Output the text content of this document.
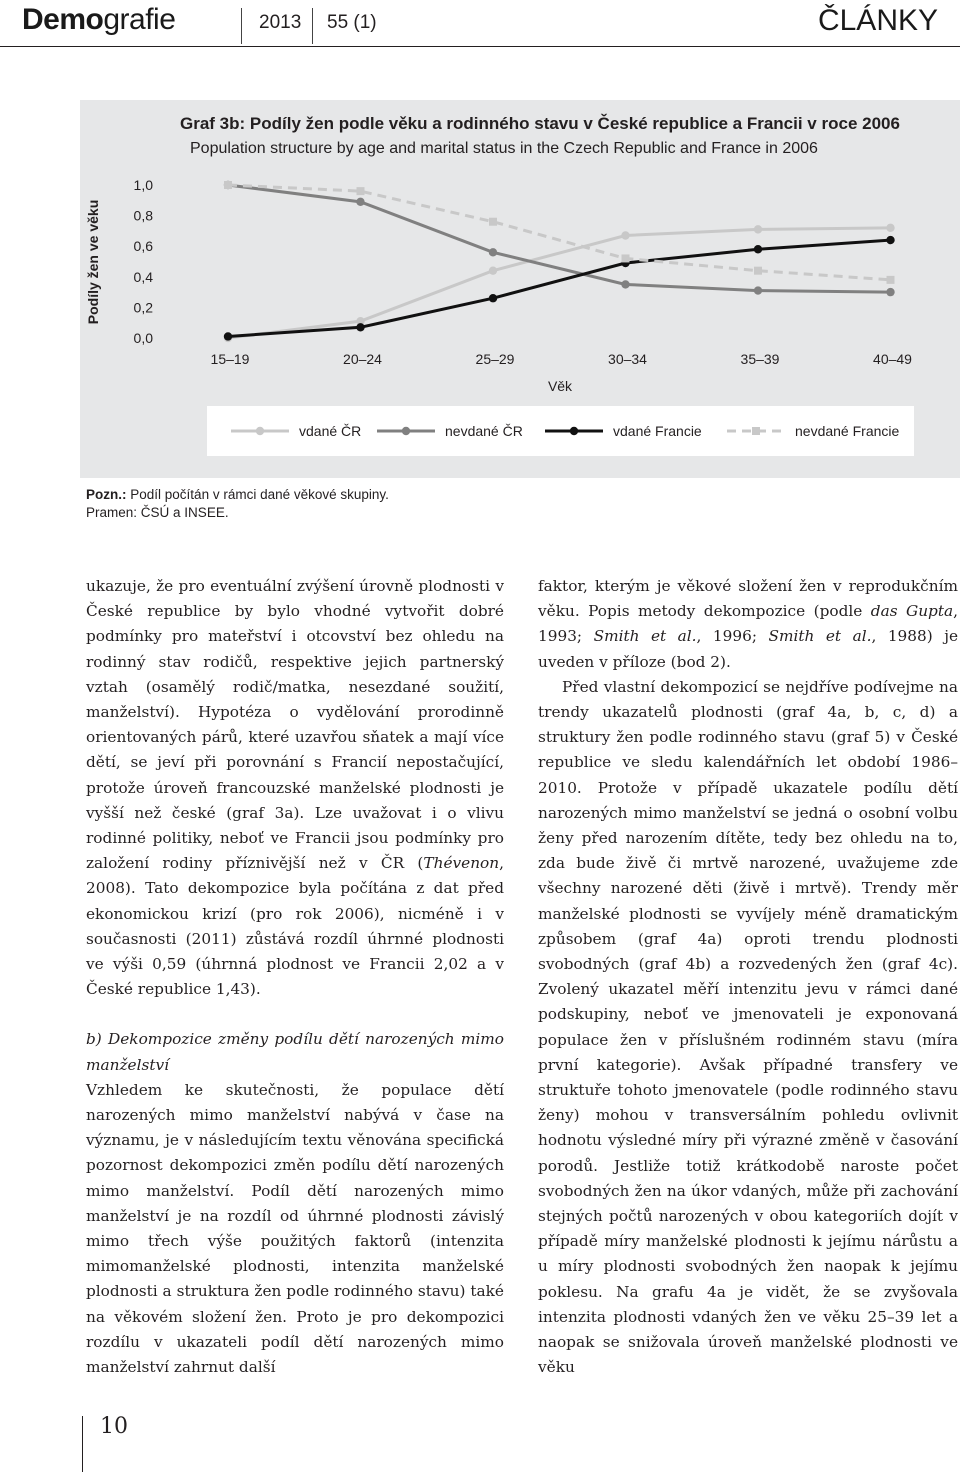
Demografie	2013 55 (1)	ČLÁNKY
Graf 3b: Podíly žen podle věku a rodinného stavu v České republice a Francii v roce 2006
Population structure by age and marital status in the Czech Republic and France in 2006
Podíly žen ve věku
0,0
0,2
0,4
0,6
0,8
1,0
15–19	20–24	25–29	30–34	35–39	40–49
Věk
vdané ČR	nevdané ČR	vdané Francie	nevdané Francie
Pozn.: Podíl počítán v rámci dané věkové skupiny.
Pramen: ČSÚ a INSEE.

ukazuje, že pro eventuální zvýšení úrovně plodnosti v České republice by bylo vhodné vytvořit dobré podmínky pro mateřství i otcovství bez ohledu na rodinný stav rodičů, respektive jejich partnerský vztah (osamělý rodič/matka, nesezdané soužití, manželství). Hypotéza o vydělování prorodinně orientovaných párů, které uzavřou sňatek a mají více dětí, se jeví při porovnání s Francií nepostačující, protože úroveň francouzské manželské plodnosti je vyšší než české (graf 3a). Lze uvažovat i o vlivu rodinné politiky, neboť ve Francii jsou podmínky pro založení rodiny příznivější než v ČR (Thévenon, 2008). Tato dekompozice byla počítána z dat před ekonomickou krizí (pro rok 2006), nicméně i v současnosti (2011) zůstává rozdíl úhrnné plodnosti ve výši 0,59 (úhrnná plodnost ve Francii 2,02 a v České republice 1,43).

b) Dekompozice změny podílu dětí narozených mimo manželství

Vzhledem ke skutečnosti, že populace dětí narozených mimo manželství nabývá v čase na významu, je v následujícím textu věnována specifická pozornost dekompozici změn podílu dětí narozených mimo manželství. Podíl dětí narozených mimo manželství je na rozdíl od úhrnné plodnosti závislý mimo třech výše použitých faktorů (intenzita mimomanželské plodnosti, intenzita manželské plodnosti a struktura žen podle rodinného stavu) také na věkovém složení žen. Proto je pro dekompozici rozdílu v ukazateli podíl dětí narozených mimo manželství zahrnut další

faktor, kterým je věkové složení žen v reprodukčním věku. Popis metody dekompozice (podle das Gupta, 1993; Smith et al., 1996; Smith et al., 1988) je uveden v příloze (bod 2).

Před vlastní dekompozicí se nejdříve podívejme na trendy ukazatelů plodnosti (graf 4a, b, c, d) a struktury žen podle rodinného stavu (graf 5) v České republice ve sledu kalendářních let období 1986–2010. Protože v případě ukazatele podílu dětí narozených mimo manželství se jedná o osobní volbu ženy před narozením dítěte, tedy bez ohledu na to, zda bude živě či mrtvě narozené, uvažujeme zde všechny narozené děti (živě i mrtvě). Trendy měr manželské plodnosti se vyvíjely méně dramatickým způsobem (graf 4a) oproti trendu plodnosti svobodných (graf 4b) a rozvedených žen (graf 4c). Zvolený ukazatel měří intenzitu jevu v rámci dané podskupiny, neboť ve jmenovateli je exponovaná populace žen v příslušném rodinném stavu (míra první kategorie). Avšak případné transfery ve struktuře tohoto jmenovatele (podle rodinného stavu ženy) mohou v transversálním pohledu ovlivnit hodnotu výsledné míry při výrazné změně v časování porodů. Jestliže totiž krátkodobě naroste počet svobodných žen na úkor vdaných, může při zachování stejných počtů narozených v obou kategoriích dojít v případě míry manželské plodnosti k jejímu nárůstu a u míry plodnosti svobodných žen naopak k jejímu poklesu. Na grafu 4a je vidět, že se zvyšovala intenzita plodnosti vdaných žen ve věku 25–39 let a naopak se snižovala úroveň manželské plodnosti ve věku

10
